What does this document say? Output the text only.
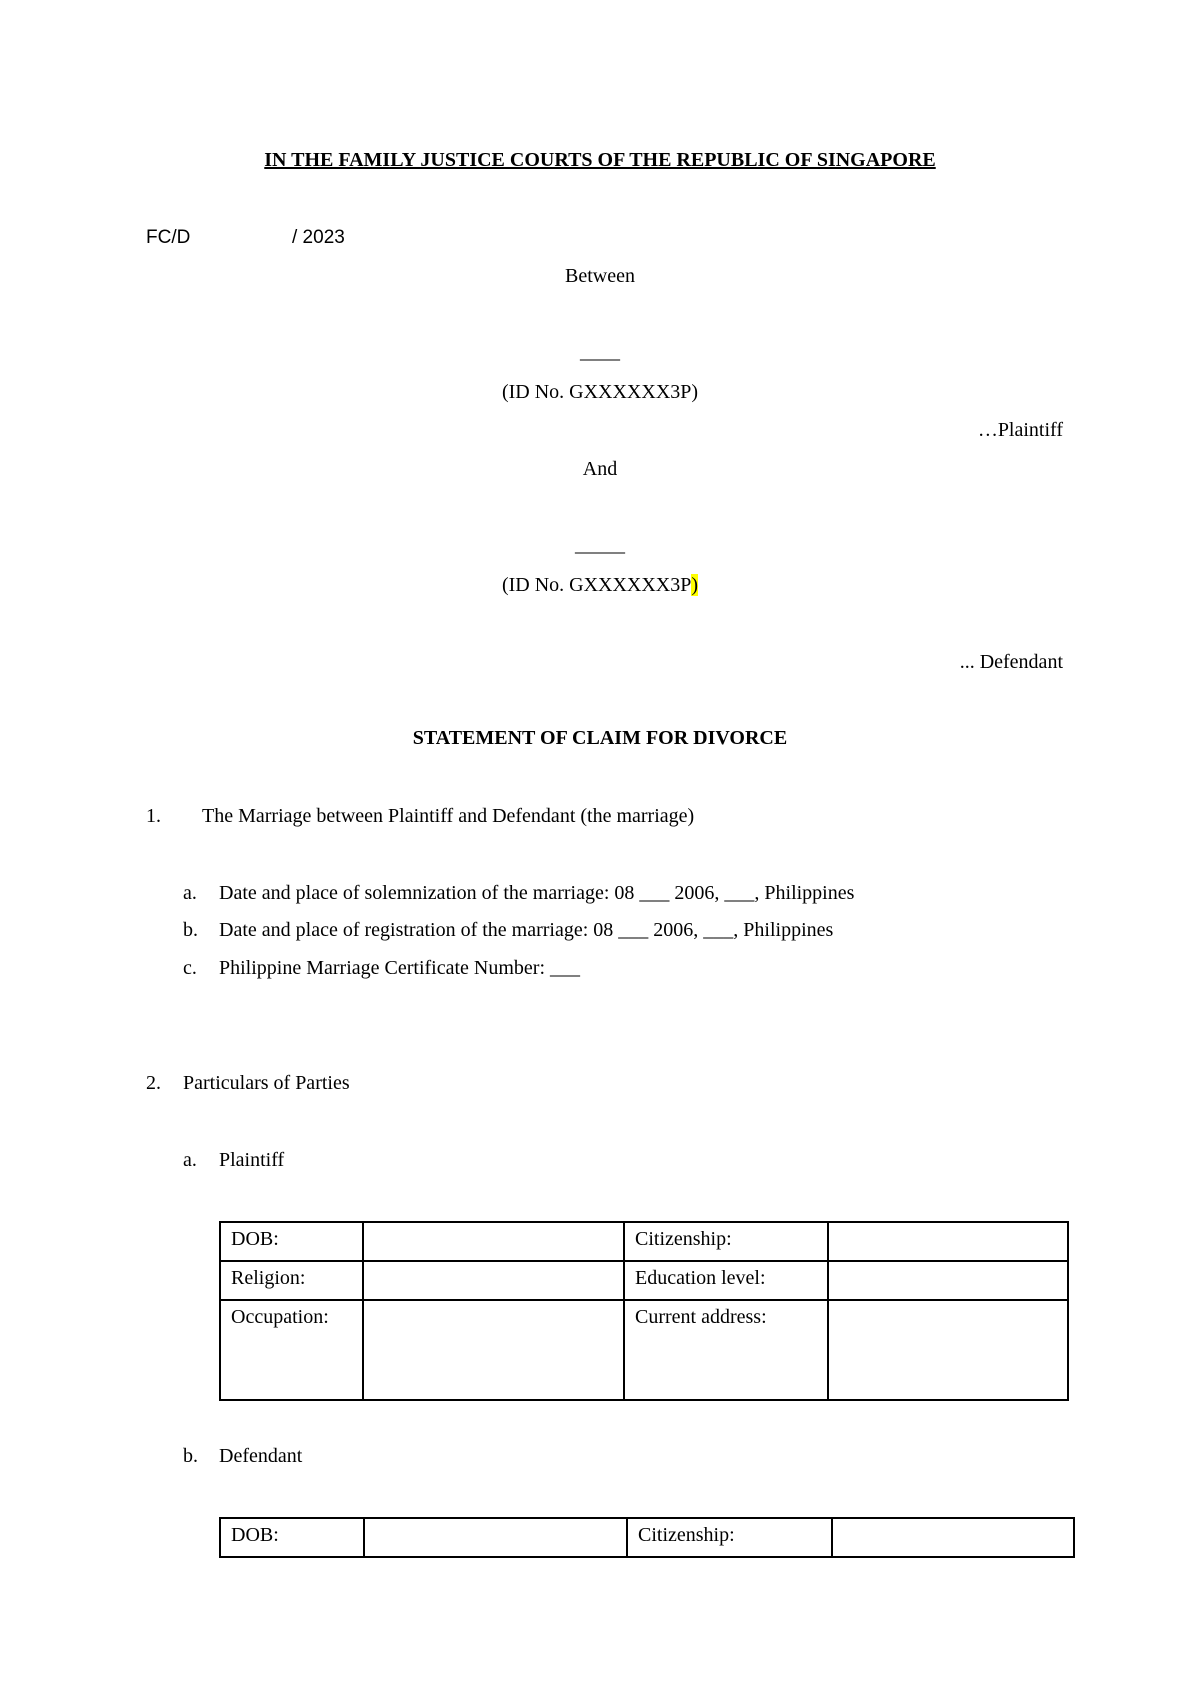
IN THE FAMILY JUSTICE COURTS OF THE REPUBLIC OF SINGAPORE
FC/D	/ 2023
Between
____
(ID No. GXXXXXX3P)
…Plaintiff
And
_____
(ID No. GXXXXXX3P)
... Defendant
STATEMENT OF CLAIM FOR DIVORCE
1. The Marriage between Plaintiff and Defendant (the marriage)
a. Date and place of solemnization of the marriage: 08 ___ 2006, ___, Philippines
b. Date and place of registration of the marriage: 08 ___ 2006, ___, Philippines
c. Philippine Marriage Certificate Number: ___
2. Particulars of Parties
a. Plaintiff
DOB:		Citizenship:	
Religion:		Education level:	
Occupation:		Current address:	
b. Defendant
DOB:		Citizenship:	
